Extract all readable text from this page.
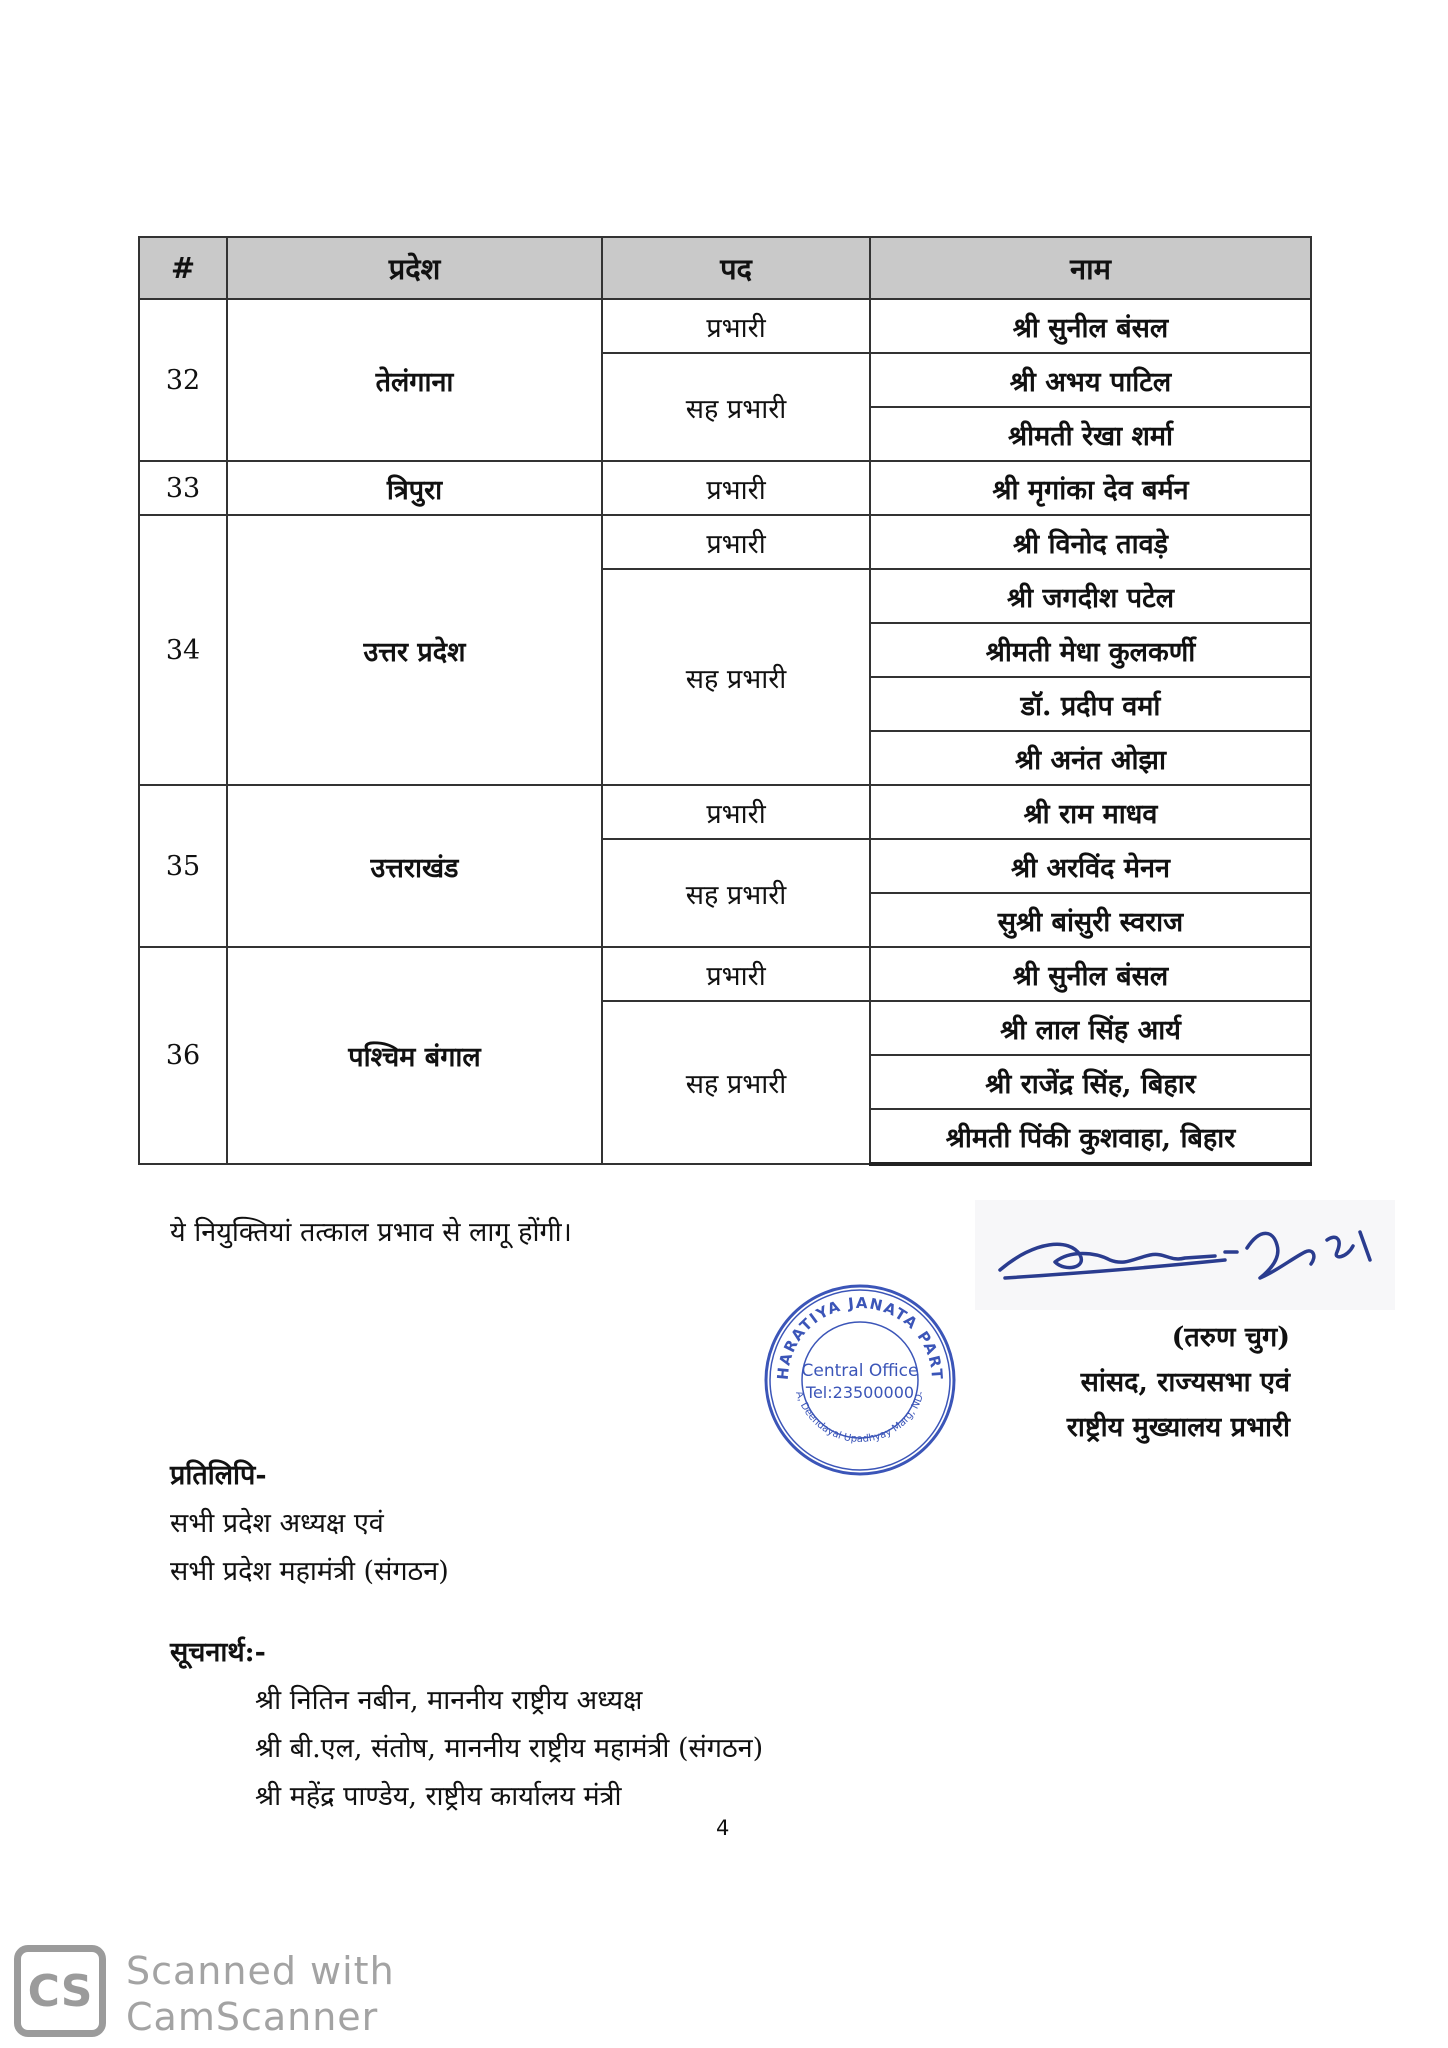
#	प्रदेश	पद	नाम
32	तेलंगाना	प्रभारी	श्री सुनील बंसल
		सह प्रभारी	श्री अभय पाटिल
			श्रीमती रेखा शर्मा
33	त्रिपुरा	प्रभारी	श्री मृगांका देव बर्मन
34	उत्तर प्रदेश	प्रभारी	श्री विनोद तावड़े
		सह प्रभारी	श्री जगदीश पटेल
			श्रीमती मेधा कुलकर्णी
			डॉ. प्रदीप वर्मा
			श्री अनंत ओझा
35	उत्तराखंड	प्रभारी	श्री राम माधव
		सह प्रभारी	श्री अरविंद मेनन
			सुश्री बांसुरी स्वराज
36	पश्चिम बंगाल	प्रभारी	श्री सुनील बंसल
		सह प्रभारी	श्री लाल सिंह आर्य
			श्री राजेंद्र सिंह, बिहार
			श्रीमती पिंकी कुशवाहा, बिहार
ये नियुक्तियां तत्काल प्रभाव से लागू होंगी।
HARATIYA JANATA PART
A, Deendayal Upadhyay Marg, ND-
Central Office
Tel:23500000
(तरुण चुग)
सांसद, राज्यसभा एवं
राष्ट्रीय मुख्यालय प्रभारी
प्रतिलिपि-
सभी प्रदेश अध्यक्ष एवं
सभी प्रदेश महामंत्री (संगठन)
सूचनार्थ:-
श्री नितिन नबीन, माननीय राष्ट्रीय अध्यक्ष
श्री बी.एल, संतोष, माननीय राष्ट्रीय महामंत्री (संगठन)
श्री महेंद्र पाण्डेय, राष्ट्रीय कार्यालय मंत्री
4
CS Scanned with
CamScanner
